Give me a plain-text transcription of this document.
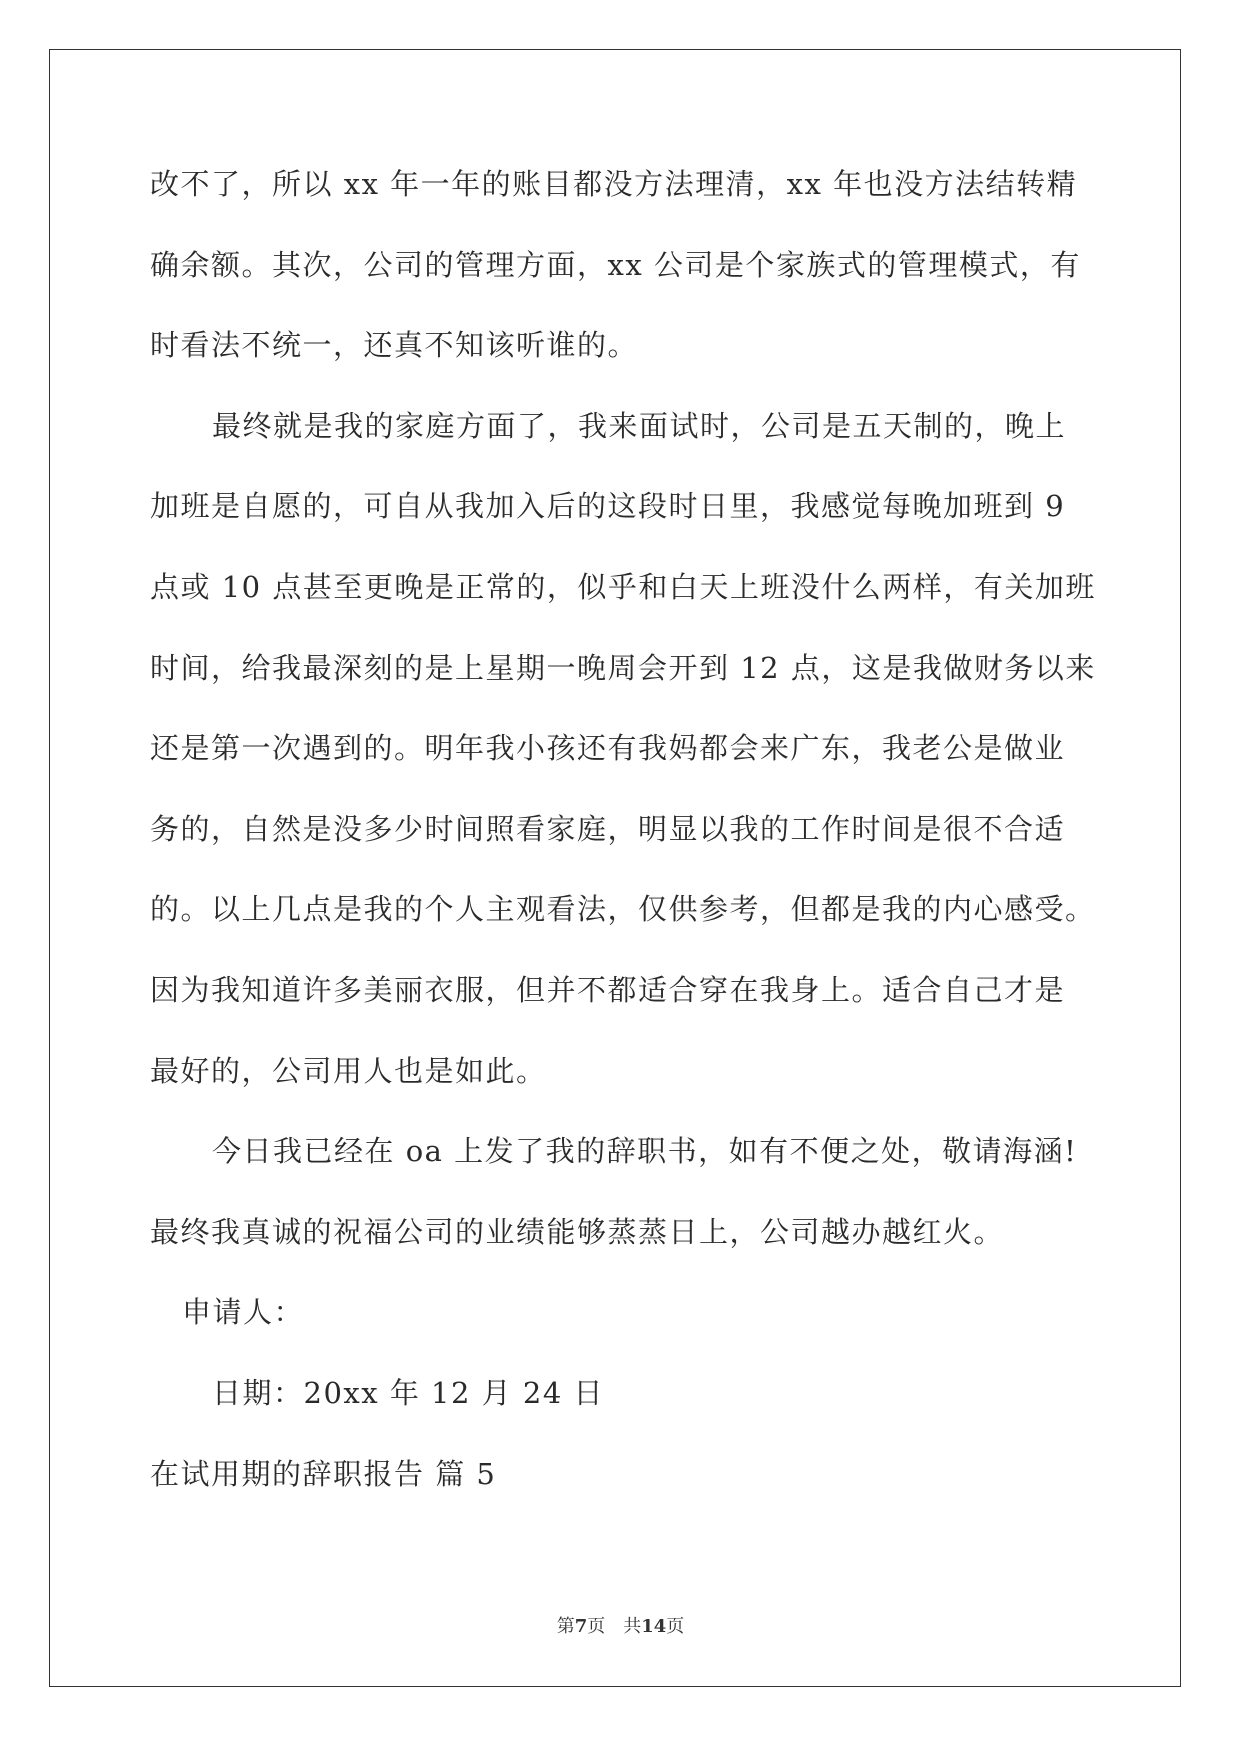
改不了，所以 xx 年一年的账目都没方法理清，xx 年也没方法结转精
确余额。其次，公司的管理方面，xx 公司是个家族式的管理模式，有
时看法不统一，还真不知该听谁的。
最终就是我的家庭方面了，我来面试时，公司是五天制的，晚上
加班是自愿的，可自从我加入后的这段时日里，我感觉每晚加班到 9
点或 10 点甚至更晚是正常的，似乎和白天上班没什么两样，有关加班
时间，给我最深刻的是上星期一晚周会开到 12 点，这是我做财务以来
还是第一次遇到的。明年我小孩还有我妈都会来广东，我老公是做业
务的，自然是没多少时间照看家庭，明显以我的工作时间是很不合适
的。以上几点是我的个人主观看法，仅供参考，但都是我的内心感受。
因为我知道许多美丽衣服，但并不都适合穿在我身上。适合自己才是
最好的，公司用人也是如此。
今日我已经在 oa 上发了我的辞职书，如有不便之处，敬请海涵!
最终我真诚的祝福公司的业绩能够蒸蒸日上，公司越办越红火。
申请人：
日期：20xx 年 12 月 24 日
在试用期的辞职报告 篇 5
第7页　共14页
